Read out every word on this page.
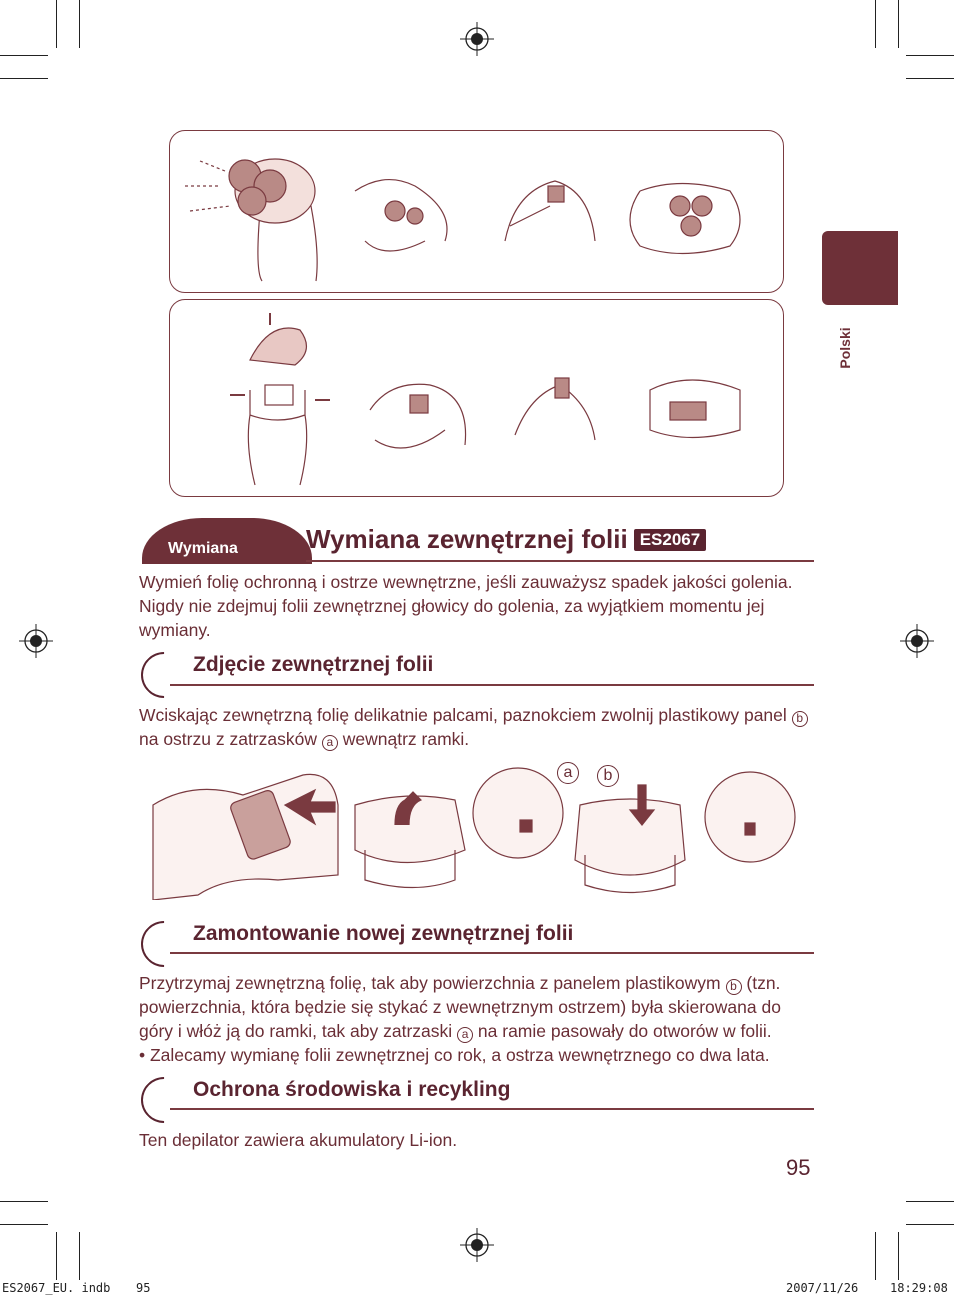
Polski
Wymiana	Wymiana zewnętrznej folii ES2067
Wymień folię ochronną i ostrze wewnętrzne, jeśli zauważysz spadek jakości golenia. Nigdy nie zdejmuj folii zewnętrznej głowicy do golenia, za wyjątkiem momentu jej wymiany.
Zdjęcie zewnętrznej folii
Wciskając zewnętrzną folię delikatnie palcami, paznokciem zwolnij plastikowy panel b na ostrzu z zatrzasków a wewnątrz ramki.
a	b
Zamontowanie nowej zewnętrznej folii
Przytrzymaj zewnętrzną folię, tak aby powierzchnia z panelem plastikowym b (tzn. powierzchnia, która będzie się stykać z wewnętrznym ostrzem) była skierowana do góry i włóż ją do ramki, tak aby zatrzaski a na ramie pasowały do otworów w folii.
• Zalecamy wymianę folii zewnętrznej co rok, a ostrza wewnętrznego co dwa lata.
Ochrona środowiska i recykling
Ten depilator zawiera akumulatory Li-ion.
95
ES2067_EU. indb 95	2007/11/26	18:29:08
